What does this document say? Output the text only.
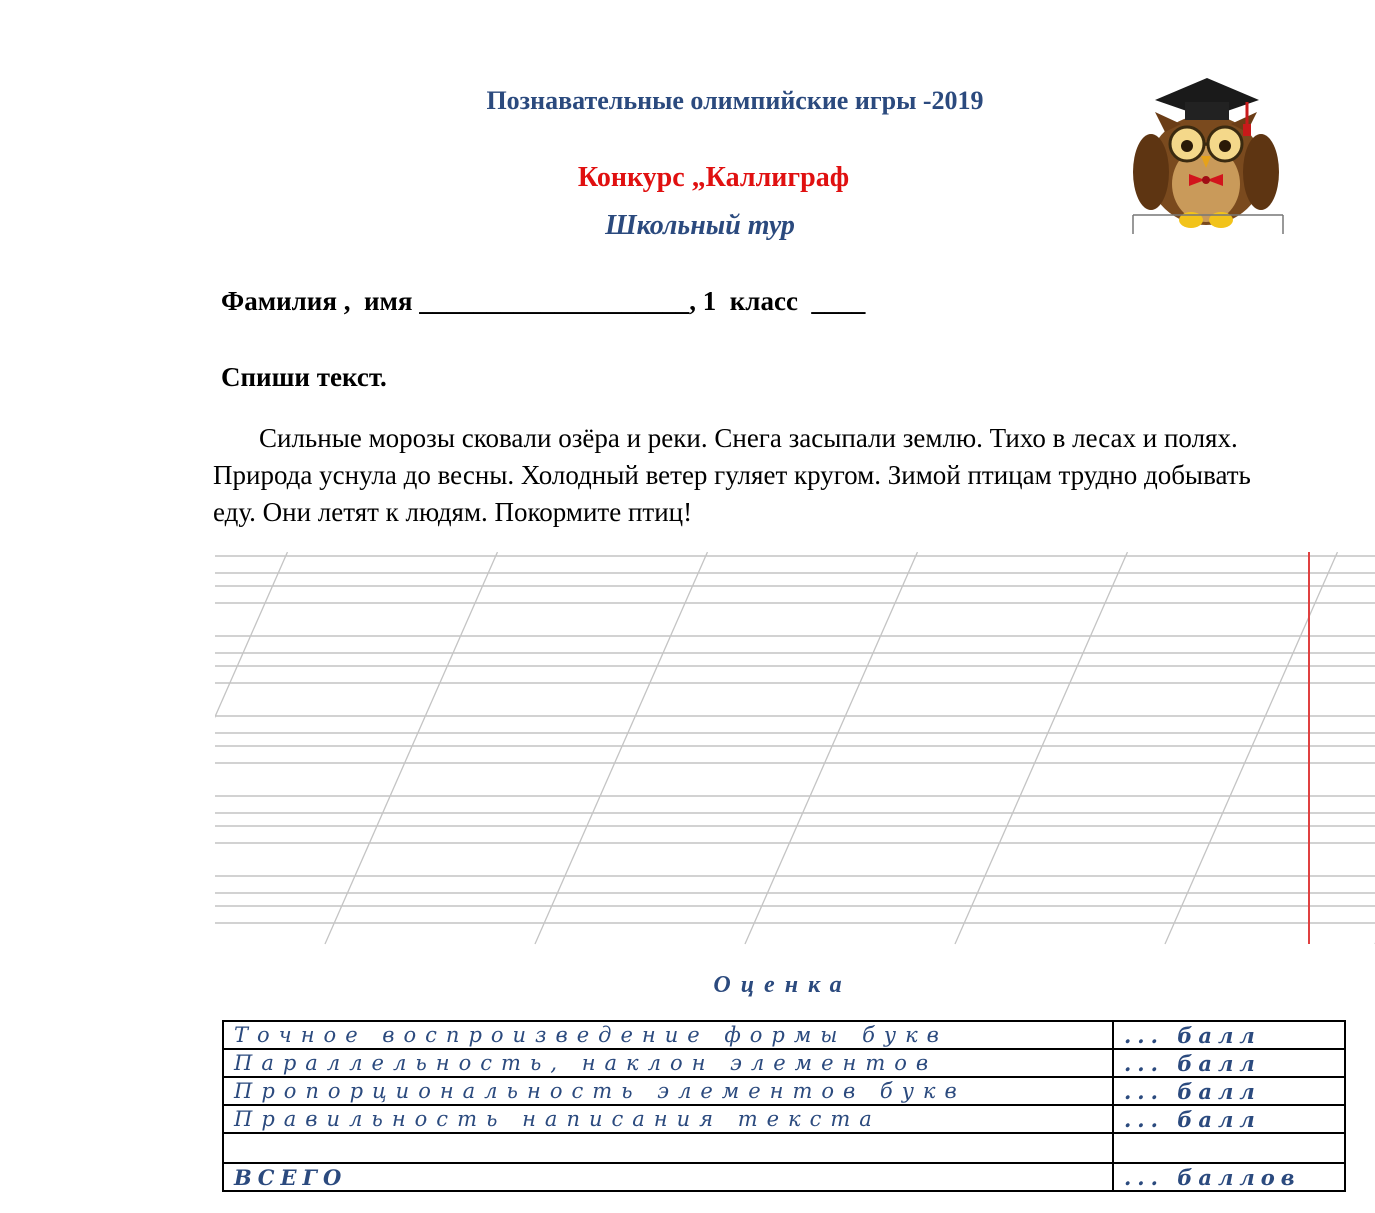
Познавательные олимпийские игры -2019
Конкурс „Каллиграф
Школьный тур
Фамилия ,  имя ____________________, 1  класс  ____
Спиши текст.
Сильные морозы сковали озёра и реки. Снега засыпали землю. Тихо в лесах и полях.
Природа уснула до весны. Холодный ветер гуляет кругом. Зимой птицам трудно добывать
еду. Они летят к людям. Покормите птиц!
Оценка
Точное воспроизведение формы букв	... балл
Параллельность, наклон элементов	... балл
Пропорциональность элементов букв	... балл
Правильность написания текста	... балл

ВСЕГО	... баллов
